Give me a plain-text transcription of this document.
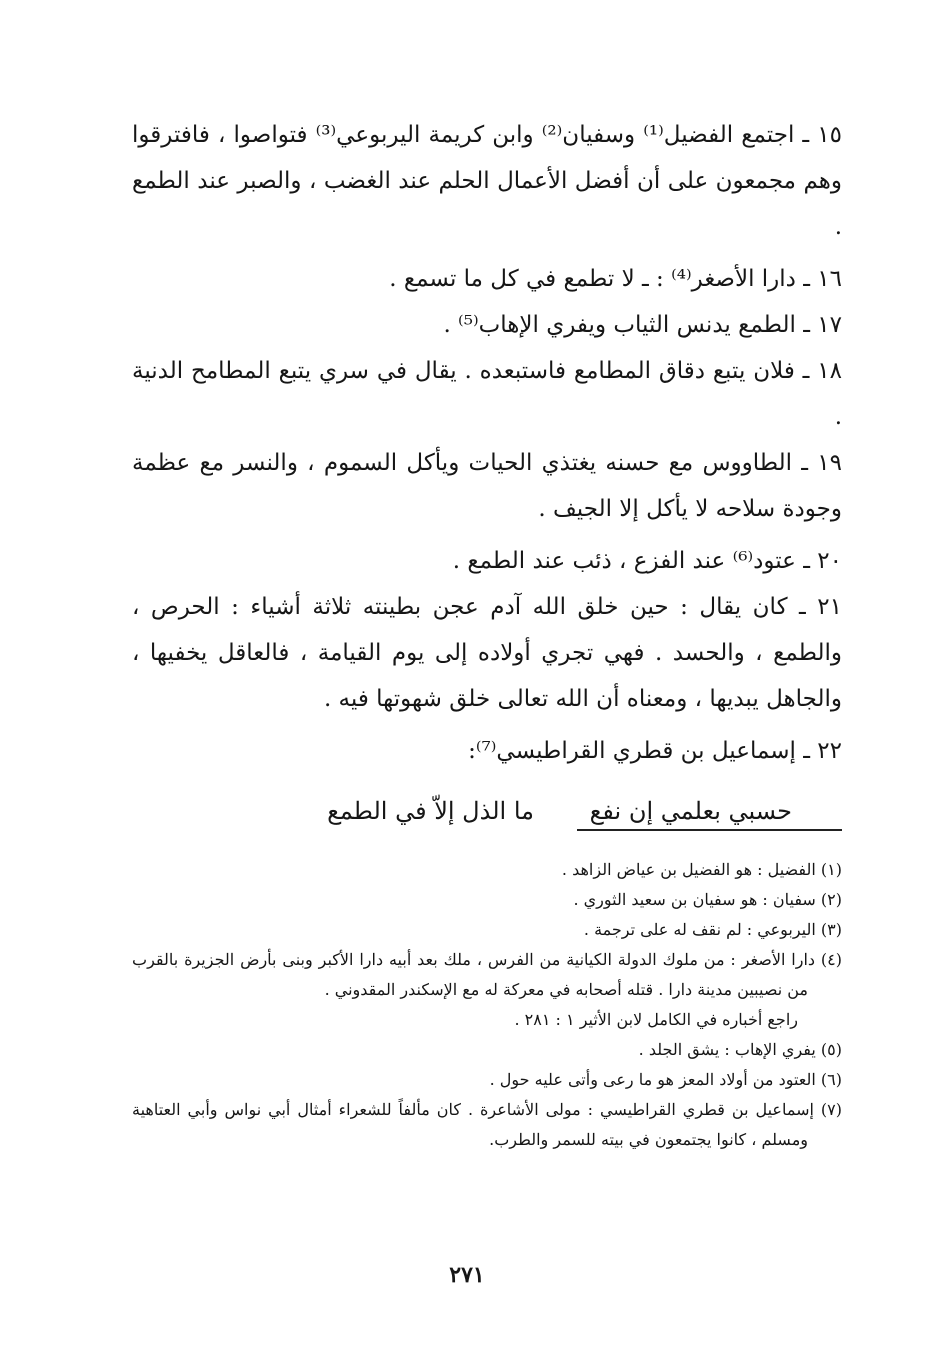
١٥ ـ اجتمع الفضيل⁽¹⁾ وسفيان⁽²⁾ وابن كريمة اليربوعي⁽³⁾ فتواصوا ، فافترقوا وهم مجمعون على أن أفضل الأعمال الحلم عند الغضب ، والصبر عند الطمع .

١٦ ـ دارا الأصغر⁽⁴⁾ : ـ لا تطمع في كل ما تسمع .

١٧ ـ الطمع يدنس الثياب ويفري الإهاب⁽⁵⁾ .

١٨ ـ فلان يتبع دقاق المطامع فاستبعده . يقال في سري يتبع المطامح الدنية .

١٩ ـ الطاووس مع حسنه يغتذي الحيات ويأكل السموم ، والنسر مع عظمة وجودة سلاحه لا يأكل إلا الجيف .

٢٠ ـ عتود⁽⁶⁾ عند الفزع ، ذئب عند الطمع .

٢١ ـ كان يقال : حين خلق الله آدم عجن بطينته ثلاثة أشياء : الحرص ، والطمع ، والحسد . فهي تجري أولاده إلى يوم القيامة ، فالعاقل يخفيها ، والجاهل يبديها ، ومعناه أن الله تعالى خلق شهوتها فيه .

٢٢ ـ إسماعيل بن قطري القراطيسي⁽⁷⁾:

حسبي بعلمي إن نفع ما الذل إلاّ في الطمع

(١) الفضيل : هو الفضيل بن عياض الزاهد .

(٢) سفيان : هو سفيان بن سعيد الثوري .

(٣) اليربوعي : لم نقف له على ترجمة .

(٤) دارا الأصغر : من ملوك الدولة الكيانية من الفرس ، ملك بعد أبيه دارا الأكبر وبنى بأرض الجزيرة بالقرب من نصيبين مدينة دارا . قتله أصحابه في معركة له مع الإسكندر المقدوني .

راجع أخباره في الكامل لابن الأثير ١ : ٢٨١ .

(٥) يفري الإهاب : يشق الجلد .

(٦) العتود من أولاد المعز هو ما رعى وأتى عليه حول .

(٧) إسماعيل بن قطري القراطيسي : مولى الأشاعرة . كان مألفاً للشعراء أمثال أبي نواس وأبي العتاهية ومسلم ، كانوا يجتمعون في بيته للسمر والطرب.

٢٧١
